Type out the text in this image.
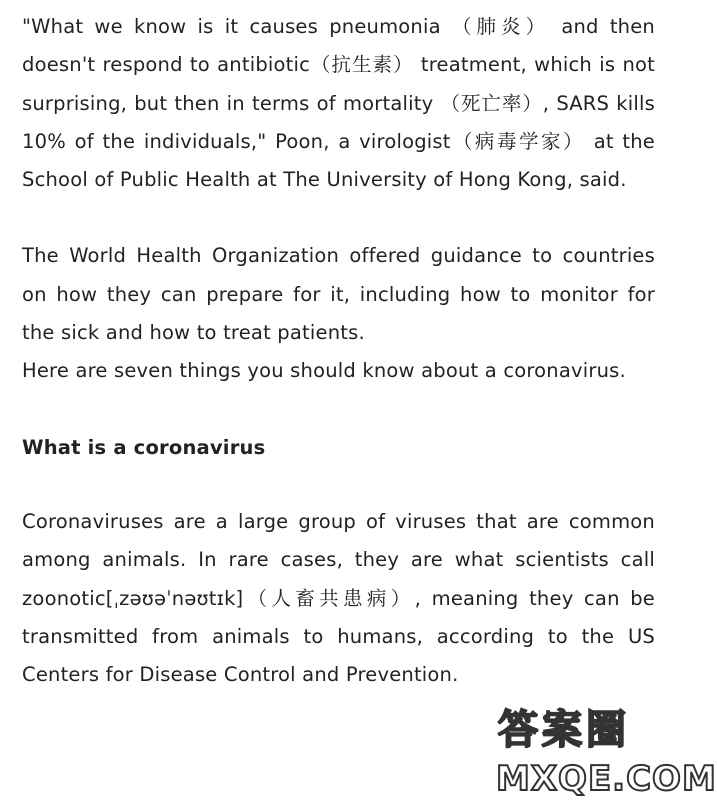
"What we know is it causes pneumonia （肺炎） and then doesn't respond to antibiotic（抗生素） treatment, which is not surprising, but then in terms of mortality （死亡率）, SARS kills 10% of the individuals," Poon, a virologist（病毒学家） at the School of Public Health at The University of Hong Kong, said.

The World Health Organization offered guidance to countries on how they can prepare for it, including how to monitor for the sick and how to treat patients.

Here are seven things you should know about a coronavirus.

What is a coronavirus

Coronaviruses are a large group of viruses that are common among animals. In rare cases, they are what scientists call zoonotic[ˌzəʊəˈnəʊtɪk]（人畜共患病）, meaning they can be transmitted from animals to humans, according to the US Centers for Disease Control and Prevention.

答案圈
MXQE.COM
